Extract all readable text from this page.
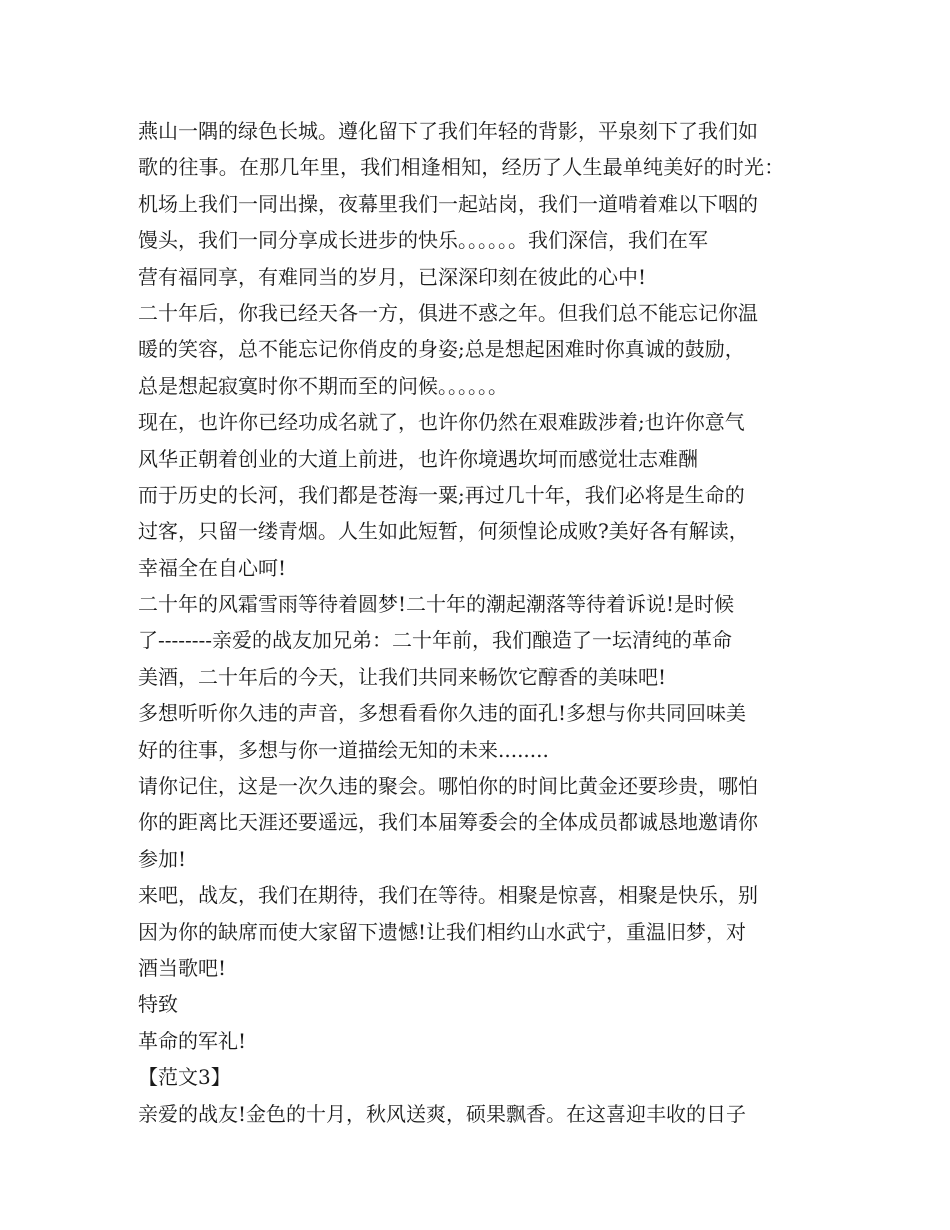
燕山一隅的绿色长城。遵化留下了我们年轻的背影，平泉刻下了我们如
歌的往事。在那几年里，我们相逢相知，经历了人生最单纯美好的时光：
机场上我们一同出操，夜幕里我们一起站岗，我们一道啃着难以下咽的
馒头，我们一同分享成长进步的快乐。。。。。。我们深信，我们在军
营有福同享，有难同当的岁月，已深深印刻在彼此的心中!
二十年后，你我已经天各一方，俱进不惑之年。但我们总不能忘记你温
暖的笑容，总不能忘记你俏皮的身姿;总是想起困难时你真诚的鼓励，
总是想起寂寞时你不期而至的问候。。。。。。
现在，也许你已经功成名就了，也许你仍然在艰难跋涉着;也许你意气
风华正朝着创业的大道上前进，也许你境遇坎坷而感觉壮志难酬
而于历史的长河，我们都是苍海一粟;再过几十年，我们必将是生命的
过客，只留一缕青烟。人生如此短暂，何须惶论成败?美好各有解读，
幸福全在自心呵!
二十年的风霜雪雨等待着圆梦!二十年的潮起潮落等待着诉说!是时候
了--------亲爱的战友加兄弟：二十年前，我们酿造了一坛清纯的革命
美酒，二十年后的今天，让我们共同来畅饮它醇香的美味吧!
多想听听你久违的声音，多想看看你久违的面孔!多想与你共同回味美
好的往事，多想与你一道描绘无知的未来........
请你记住，这是一次久违的聚会。哪怕你的时间比黄金还要珍贵，哪怕
你的距离比天涯还要遥远，我们本届筹委会的全体成员都诚恳地邀请你
参加!
来吧，战友，我们在期待，我们在等待。相聚是惊喜，相聚是快乐，别
因为你的缺席而使大家留下遗憾!让我们相约山水武宁，重温旧梦，对
酒当歌吧!
特致
革命的军礼!
【范文3】
亲爱的战友!金色的十月，秋风送爽，硕果飘香。在这喜迎丰收的日子
